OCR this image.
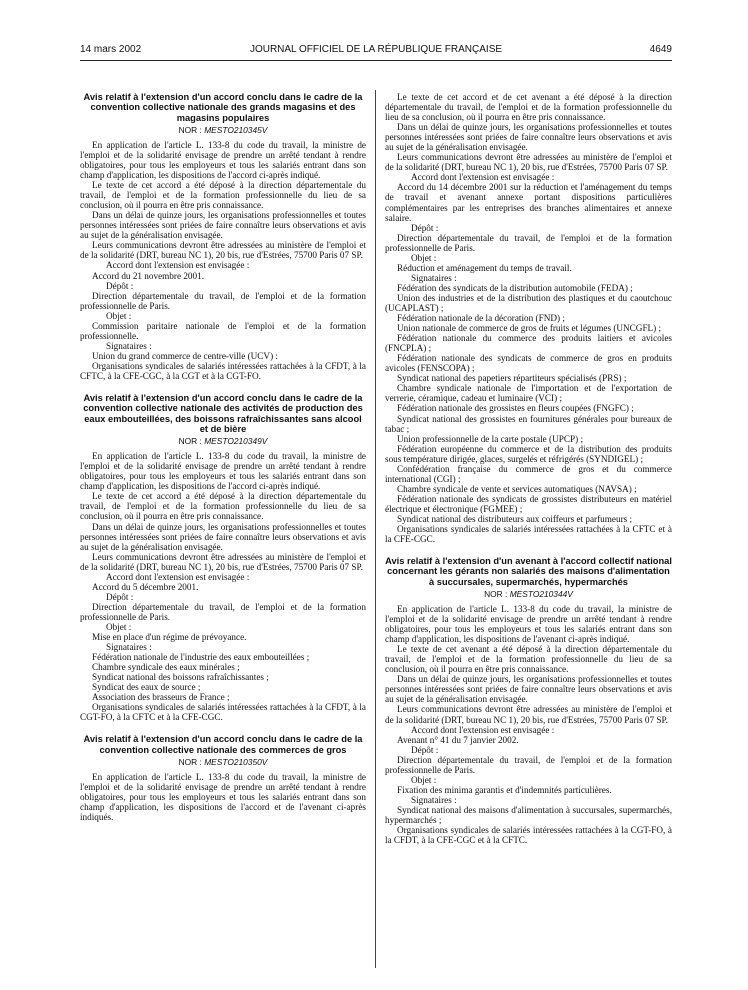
14 mars 2002	JOURNAL OFFICIEL DE LA RÉPUBLIQUE FRANÇAISE	4649
Avis relatif à l'extension d'un accord conclu dans le cadre de la convention collective nationale des grands magasins et des magasins populaires
NOR : MESTO210345V

En application de l'article L. 133-8 du code du travail, la ministre de l'emploi et de la solidarité envisage de prendre un arrêté tendant à rendre obligatoires, pour tous les employeurs et tous les salariés entrant dans son champ d'application, les dispositions de l'accord ci-après indiqué.

Le texte de cet accord a été déposé à la direction départementale du travail, de l'emploi et de la formation professionnelle du lieu de sa conclusion, où il pourra en être pris connaissance.

Dans un délai de quinze jours, les organisations professionnelles et toutes personnes intéressées sont priées de faire connaître leurs observations et avis au sujet de la généralisation envisagée.

Leurs communications devront être adressées au ministère de l'emploi et de la solidarité (DRT, bureau NC 1), 20 bis, rue d'Estrées, 75700 Paris 07 SP.

Accord dont l'extension est envisagée :

Accord du 21 novembre 2001.

Dépôt :

Direction départementale du travail, de l'emploi et de la formation professionnelle de Paris.

Objet :

Commission paritaire nationale de l'emploi et de la formation professionnelle.

Signataires :

Union du grand commerce de centre-ville (UCV) :

Organisations syndicales de salariés intéressées rattachées à la CFDT, à la CFTC, à la CFE-CGC, à la CGT et à la CGT-FO.

Avis relatif à l'extension d'un accord conclu dans le cadre de la convention collective nationale des activités de production des eaux embouteillées, des boissons rafraîchissantes sans alcool et de bière
NOR : MESTO210349V

En application de l'article L. 133-8 du code du travail, la ministre de l'emploi et de la solidarité envisage de prendre un arrêté tendant à rendre obligatoires, pour tous les employeurs et tous les salariés entrant dans son champ d'application, les dispositions de l'accord ci-après indiqué.

Le texte de cet accord a été déposé à la direction départementale du travail, de l'emploi et de la formation professionnelle du lieu de sa conclusion, où il pourra en être pris connaissance.

Dans un délai de quinze jours, les organisations professionnelles et toutes personnes intéressées sont priées de faire connaître leurs observations et avis au sujet de la généralisation envisagée.

Leurs communications devront être adressées au ministère de l'emploi et de la solidarité (DRT, bureau NC 1), 20 bis, rue d'Estrées, 75700 Paris 07 SP.

Accord dont l'extension est envisagée :

Accord du 5 décembre 2001.

Dépôt :

Direction départementale du travail, de l'emploi et de la formation professionnelle de Paris.

Objet :

Mise en place d'un régime de prévoyance.

Signataires :

Fédération nationale de l'industrie des eaux embouteillées ;

Chambre syndicale des eaux minérales ;

Syndicat national des boissons rafraîchissantes ;

Syndicat des eaux de source ;

Association des brasseurs de France ;

Organisations syndicales de salariés intéressées rattachées à la CFDT, à la CGT-FO, à la CFTC et à la CFE-CGC.

Avis relatif à l'extension d'un accord conclu dans le cadre de la convention collective nationale des commerces de gros
NOR : MESTO210350V

En application de l'article L. 133-8 du code du travail, la ministre de l'emploi et de la solidarité envisage de prendre un arrêté tendant à rendre obligatoires, pour tous les employeurs et tous les salariés entrant dans son champ d'application, les dispositions de l'accord et de l'avenant ci-après indiqués.

Le texte de cet accord et de cet avenant a été déposé à la direction départementale du travail, de l'emploi et de la formation professionnelle du lieu de sa conclusion, où il pourra en être pris connaissance.

Dans un délai de quinze jours, les organisations professionnelles et toutes personnes intéressées sont priées de faire connaître leurs observations et avis au sujet de la généralisation envisagée.

Leurs communications devront être adressées au ministère de l'emploi et de la solidarité (DRT, bureau NC 1), 20 bis, rue d'Estrées, 75700 Paris 07 SP.

Accord dont l'extension est envisagée :

Accord du 14 décembre 2001 sur la réduction et l'aménagement du temps de travail et avenant annexe portant dispositions particulières complémentaires par les entreprises des branches alimentaires et annexe salaire.

Dépôt :

Direction départementale du travail, de l'emploi et de la formation professionnelle de Paris.

Objet :

Réduction et aménagement du temps de travail.

Signataires :

Fédération des syndicats de la distribution automobile (FEDA) ;

Union des industries et de la distribution des plastiques et du caoutchouc (UCAPLAST) ;

Fédération nationale de la décoration (FND) ;

Union nationale de commerce de gros de fruits et légumes (UNCGFL) ;

Fédération nationale du commerce des produits laitiers et avicoles (FNCPLA) ;

Fédération nationale des syndicats de commerce de gros en produits avicoles (FENSCOPA) ;

Syndicat national des papetiers répartiteurs spécialisés (PRS) ;

Chambre syndicale nationale de l'importation et de l'exportation de verrerie, céramique, cadeau et luminaire (VCI) ;

Fédération nationale des grossistes en fleurs coupées (FNGFC) ;

Syndicat national des grossistes en fournitures générales pour bureaux de tabac ;

Union professionnelle de la carte postale (UPCP) ;

Fédération européenne du commerce et de la distribution des produits sous température dirigée, glaces, surgelés et réfrigérés (SYNDIGEL) ;

Confédération française du commerce de gros et du commerce international (CGI) ;

Chambre syndicale de vente et services automatiques (NAVSA) ;

Fédération nationale des syndicats de grossistes distributeurs en matériel électrique et électronique (FGMEE) ;

Syndicat national des distributeurs aux coiffeurs et parfumeurs ;

Organisations syndicales de salariés intéressées rattachées à la CFTC et à la CFE-CGC.

Avis relatif à l'extension d'un avenant à l'accord collectif national concernant les gérants non salariés des maisons d'alimentation à succursales, supermarchés, hypermarchés
NOR : MESTO210344V

En application de l'article L. 133-8 du code du travail, la ministre de l'emploi et de la solidarité envisage de prendre un arrêté tendant à rendre obligatoires, pour tous les employeurs et tous les salariés entrant dans son champ d'application, les dispositions de l'avenant ci-après indiqué.

Le texte de cet avenant a été déposé à la direction départementale du travail, de l'emploi et de la formation professionnelle du lieu de sa conclusion, où il pourra en être pris connaissance.

Dans un délai de quinze jours, les organisations professionnelles et toutes personnes intéressées sont priées de faire connaître leurs observations et avis au sujet de la généralisation envisagée.

Leurs communications devront être adressées au ministère de l'emploi et de la solidarité (DRT, bureau NC 1), 20 bis, rue d'Estrées, 75700 Paris 07 SP.

Accord dont l'extension est envisagée :

Avenant n° 41 du 7 janvier 2002.

Dépôt :

Direction départementale du travail, de l'emploi et de la formation professionnelle de Paris.

Objet :

Fixation des minima garantis et d'indemnités particulières.

Signataires :

Syndicat national des maisons d'alimentation à succursales, supermarchés, hypermarchés ;

Organisations syndicales de salariés intéressées rattachées à la CGT-FO, à la CFDT, à la CFE-CGC et à la CFTC.
